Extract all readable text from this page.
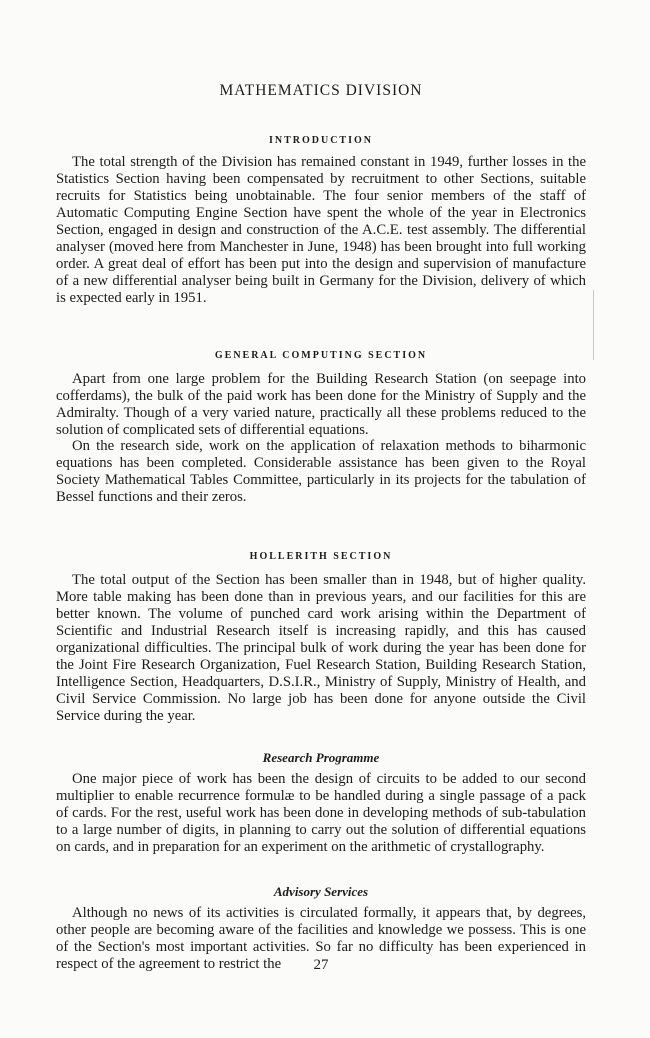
MATHEMATICS DIVISION
INTRODUCTION

The total strength of the Division has remained constant in 1949, further losses in the Statistics Section having been compensated by recruitment to other Sections, suitable recruits for Statistics being unobtainable. The four senior members of the staff of Automatic Computing Engine Section have spent the whole of the year in Electronics Section, engaged in design and construction of the A.C.E. test assembly. The differential analyser (moved here from Manchester in June, 1948) has been brought into full working order. A great deal of effort has been put into the design and supervision of manufacture of a new differential analyser being built in Germany for the Division, delivery of which is expected early in 1951.

GENERAL COMPUTING SECTION

Apart from one large problem for the Building Research Station (on seepage into cofferdams), the bulk of the paid work has been done for the Ministry of Supply and the Admiralty. Though of a very varied nature, practically all these problems reduced to the solution of complicated sets of differential equations.

On the research side, work on the application of relaxation methods to biharmonic equations has been completed. Considerable assistance has been given to the Royal Society Mathematical Tables Committee, particularly in its projects for the tabulation of Bessel functions and their zeros.

HOLLERITH SECTION

The total output of the Section has been smaller than in 1948, but of higher quality. More table making has been done than in previous years, and our facilities for this are better known. The volume of punched card work arising within the Department of Scientific and Industrial Research itself is increasing rapidly, and this has caused organizational difficulties. The principal bulk of work during the year has been done for the Joint Fire Research Organization, Fuel Research Station, Building Research Station, Intelligence Section, Headquarters, D.S.I.R., Ministry of Supply, Ministry of Health, and Civil Service Commission. No large job has been done for anyone outside the Civil Service during the year.

Research Programme

One major piece of work has been the design of circuits to be added to our second multiplier to enable recurrence formulæ to be handled during a single passage of a pack of cards. For the rest, useful work has been done in developing methods of sub-tabulation to a large number of digits, in planning to carry out the solution of differential equations on cards, and in preparation for an experiment on the arithmetic of crystallography.

Advisory Services

Although no news of its activities is circulated formally, it appears that, by degrees, other people are becoming aware of the facilities and knowledge we possess. This is one of the Section's most important activities. So far no difficulty has been experienced in respect of the agreement to restrict the	27
